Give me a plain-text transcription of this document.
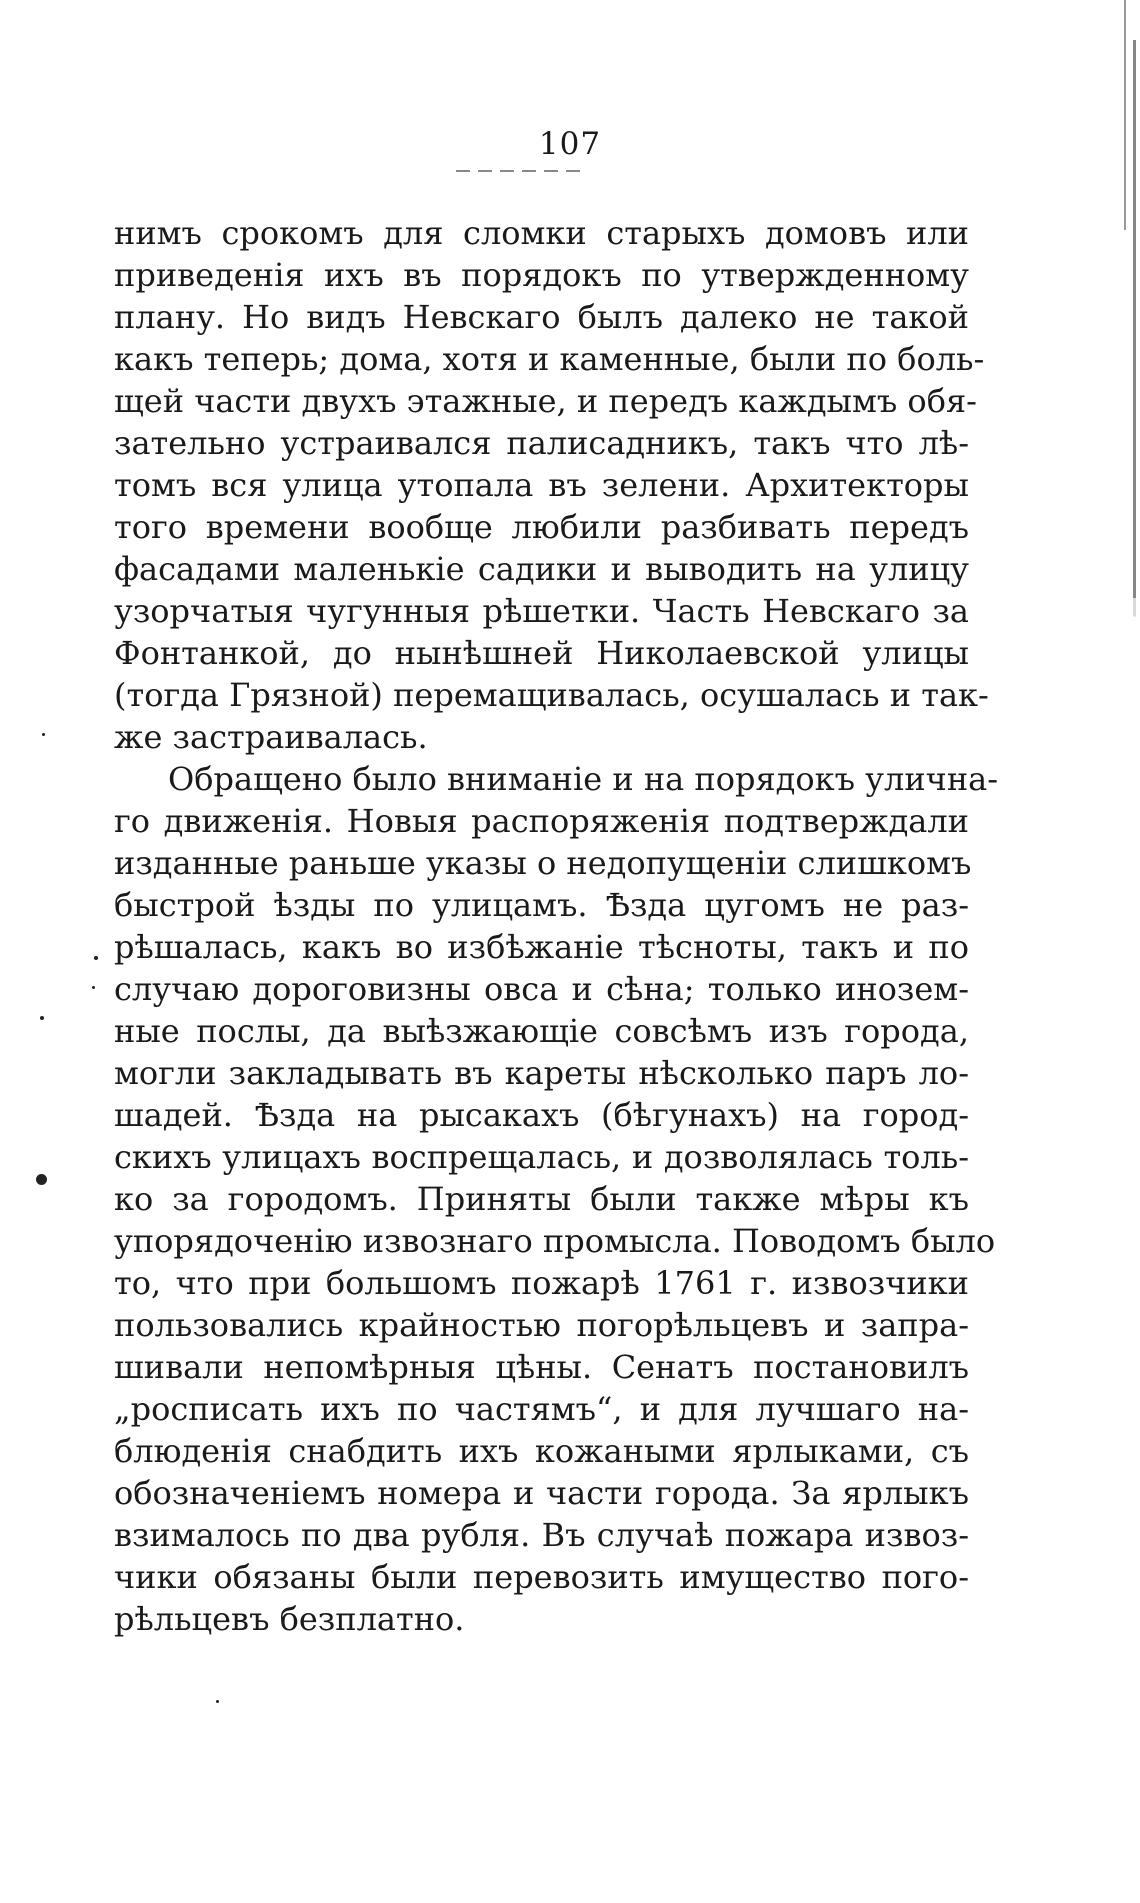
107
нимъ срокомъ для сломки старыхъ домовъ или
приведенія ихъ въ порядокъ по утвержденному
плану. Но видъ Невскаго былъ далеко не такой
какъ теперь; дома, хотя и каменные, были по боль-
щей части двухъ этажные, и передъ каждымъ обя-
зательно устраивался палисадникъ, такъ что лѣ-
томъ вся улица утопала въ зелени. Архитекторы
того времени вообще любили разбивать передъ
фасадами маленькіе садики и выводить на улицу
узорчатыя чугунныя рѣшетки. Часть Невскаго за
Фонтанкой, до нынѣшней Николаевской улицы
(тогда Грязной) перемащивалась, осушалась и так-
же застраивалась.
Обращено было вниманіе и на порядокъ улична-
го движенія. Новыя распоряженія подтверждали
изданные раньше указы о недопущеніи слишкомъ
быстрой ѣзды по улицамъ. Ѣзда цугомъ не раз-
рѣшалась, какъ во избѣжаніе тѣсноты, такъ и по
случаю дороговизны овса и сѣна; только инозем-
ные послы, да выѣзжающіе совсѣмъ изъ города,
могли закладывать въ кареты нѣсколько паръ ло-
шадей. Ѣзда на рысакахъ (бѣгунахъ) на город-
скихъ улицахъ воспрещалась, и дозволялась толь-
ко за городомъ. Приняты были также мѣры къ
упорядоченію извознаго промысла. Поводомъ было
то, что при большомъ пожарѣ 1761 г. извозчики
пользовались крайностью погорѣльцевъ и запра-
шивали непомѣрныя цѣны. Сенатъ постановилъ
„росписать ихъ по частямъ“, и для лучшаго на-
блюденія снабдить ихъ кожаными ярлыками, съ
обозначеніемъ номера и части города. За ярлыкъ
взималось по два рубля. Въ случаѣ пожара извоз-
чики обязаны были перевозить имущество пого-
рѣльцевъ безплатно.
